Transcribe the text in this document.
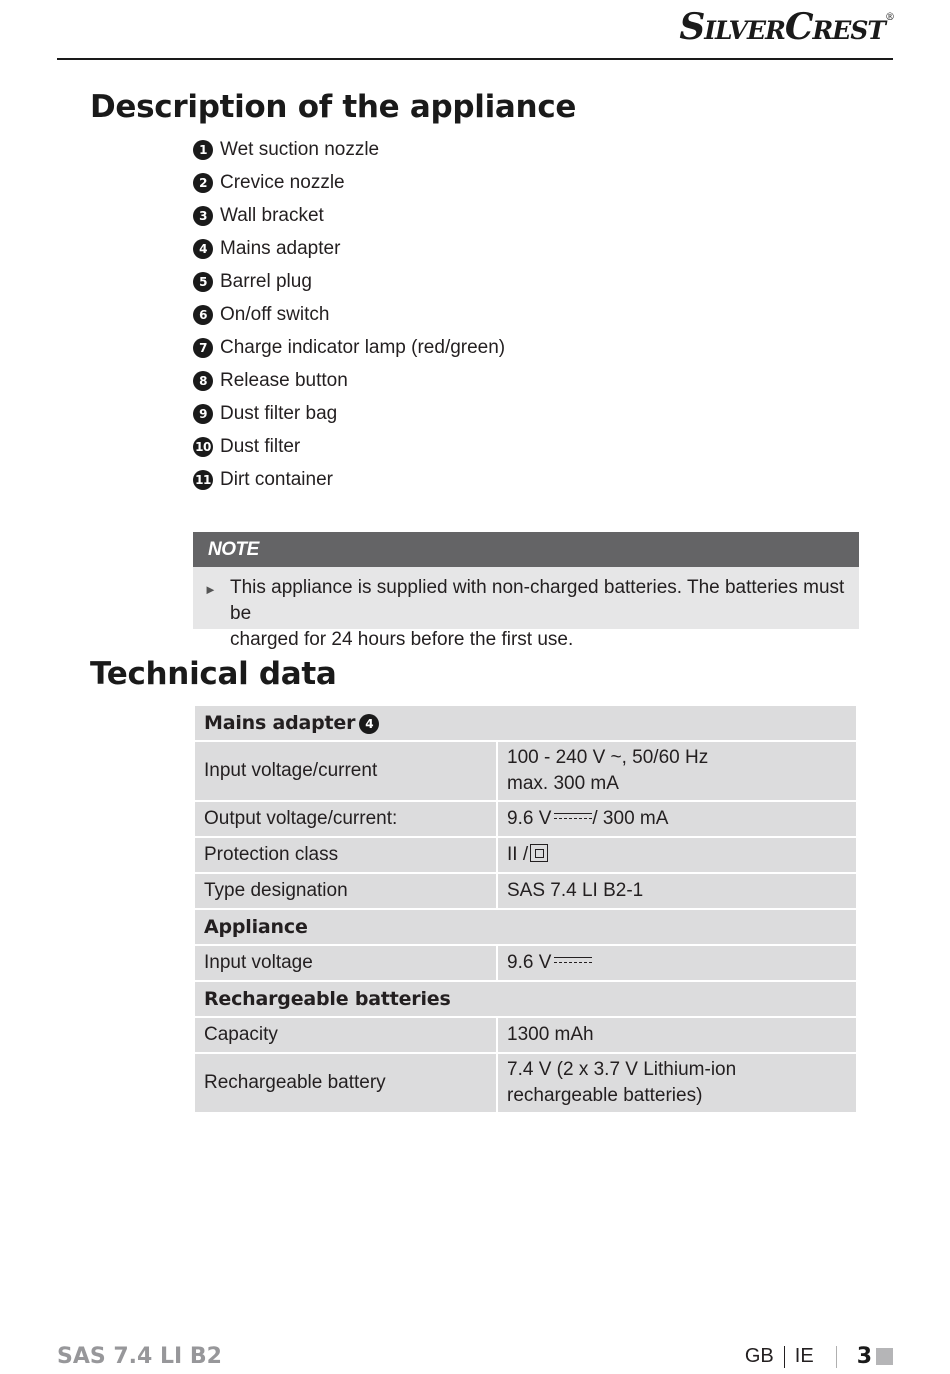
SilverCrest®
Description of the appliance
1 Wet suction nozzle
2 Crevice nozzle
3 Wall bracket
4 Mains adapter
5 Barrel plug
6 On/off switch
7 Charge indicator lamp (red/green)
8 Release button
9 Dust filter bag
10 Dust filter
11 Dirt container
NOTE
► This appliance is supplied with non-charged batteries. The batteries must be
charged for 24 hours before the first use.
Technical data
Mains adapter 4	
Input voltage/current	100 - 240 V ~, 50/60 Hz
max. 300 mA

Output voltage/current:	9.6 V / 300 mA
Protection class	II /
Type designation	SAS 7.4 LI B2-1
Appliance	
Input voltage	9.6 V
Rechargeable batteries	
Capacity	1300 mAh
Rechargeable battery	7.4 V (2 x 3.7 V Lithium-ion
rechargeable batteries)
SAS 7.4 LI B2	GB IE 3
